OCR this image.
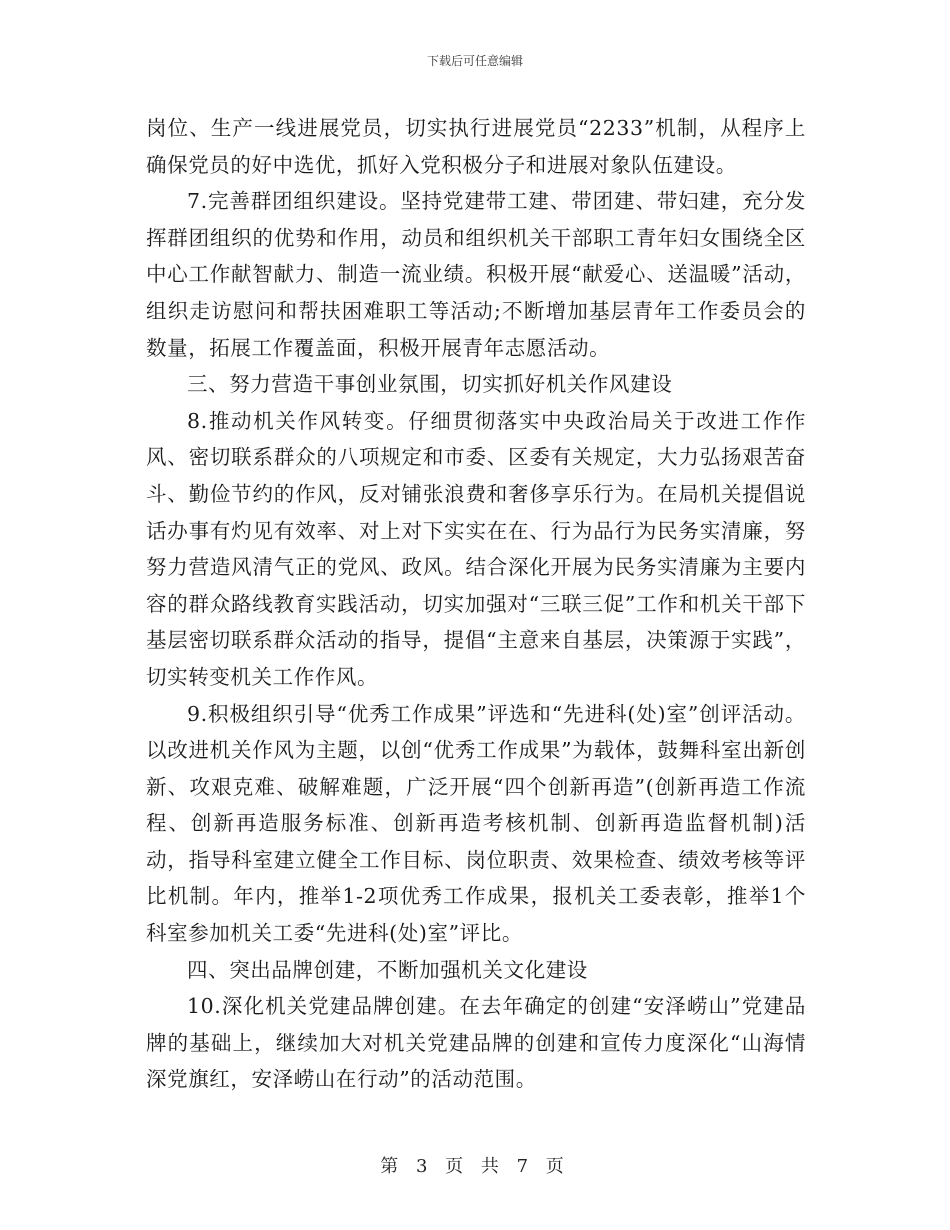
下载后可任意编辑

岗位、生产一线进展党员，切实执行进展党员“2233”机制，从程序上确保党员的好中选优，抓好入党积极分子和进展对象队伍建设。

7.完善群团组织建设。坚持党建带工建、带团建、带妇建，充分发挥群团组织的优势和作用，动员和组织机关干部职工青年妇女围绕全区中心工作献智献力、制造一流业绩。积极开展“献爱心、送温暖”活动，组织走访慰问和帮扶困难职工等活动;不断增加基层青年工作委员会的数量，拓展工作覆盖面，积极开展青年志愿活动。

三、努力营造干事创业氛围，切实抓好机关作风建设

8.推动机关作风转变。仔细贯彻落实中央政治局关于改进工作作风、密切联系群众的八项规定和市委、区委有关规定，大力弘扬艰苦奋斗、勤俭节约的作风，反对铺张浪费和奢侈享乐行为。在局机关提倡说话办事有灼见有效率、对上对下实实在在、行为品行为民务实清廉，努努力营造风清气正的党风、政风。结合深化开展为民务实清廉为主要内容的群众路线教育实践活动，切实加强对“三联三促”工作和机关干部下基层密切联系群众活动的指导，提倡“主意来自基层，决策源于实践”，切实转变机关工作作风。

9.积极组织引导“优秀工作成果”评选和“先进科(处)室”创评活动。以改进机关作风为主题，以创“优秀工作成果”为载体，鼓舞科室出新创新、攻艰克难、破解难题，广泛开展“四个创新再造”(创新再造工作流程、创新再造服务标准、创新再造考核机制、创新再造监督机制)活动，指导科室建立健全工作目标、岗位职责、效果检查、绩效考核等评比机制。年内，推举1-2项优秀工作成果，报机关工委表彰，推举1个科室参加机关工委“先进科(处)室”评比。

四、突出品牌创建，不断加强机关文化建设

10.深化机关党建品牌创建。在去年确定的创建“安泽崂山”党建品牌的基础上，继续加大对机关党建品牌的创建和宣传力度深化“山海情深党旗红，安泽崂山在行动”的活动范围。

第 3 页 共 7 页
